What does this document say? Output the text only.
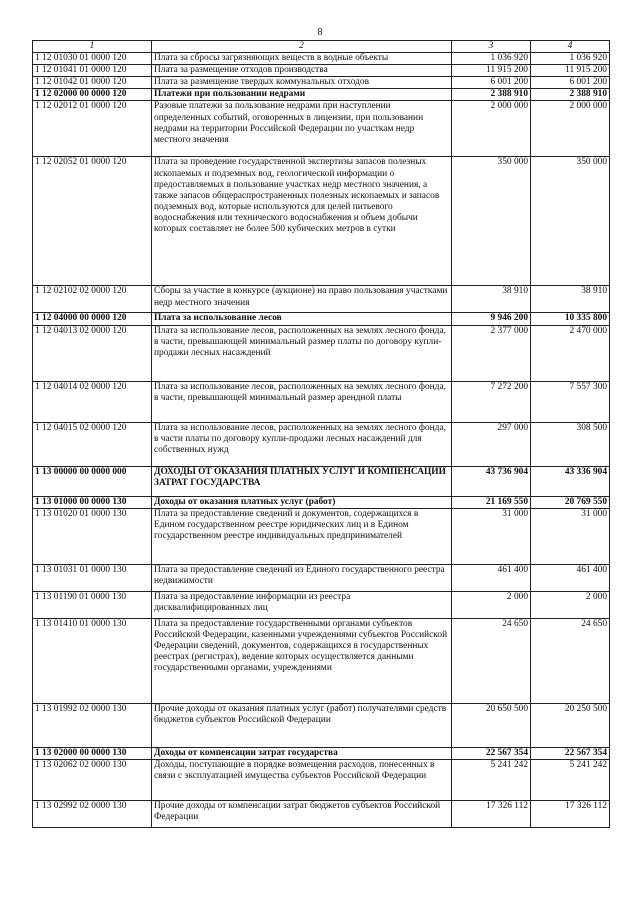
8
1	2	3	4
1 12 01030 01 0000 120	Плата за сбросы загрязняющих веществ в водные объекты	1 036 920	1 036 920
1 12 01041 01 0000 120	Плата за размещение отходов производства	11 915 200	11 915 200
1 12 01042 01 0000 120	Плата за размещение твердых коммунальных отходов	6 001 200	6 001 200
1 12 02000 00 0000 120	Платежи при пользовании недрами	2 388 910	2 388 910
1 12 02012 01 0000 120	Разовые платежи за пользование недрами при наступлении определенных событий, оговоренных в лицензии, при пользовании недрами на территории Российской Федерации по участкам недр местного значения	2 000 000	2 000 000
1 12 02052 01 0000 120	Плата за проведение государственной экспертизы запасов полезных ископаемых и подземных вод, геологической информации о предоставляемых в пользование участках недр местного значения, а также запасов общераспространенных полезных ископаемых и запасов подземных вод, которые используются для целей питьевого водоснабжения или технического водоснабжения и объем добычи которых составляет не более 500 кубических метров в сутки	350 000	350 000
1 12 02102 02 0000 120	Сборы за участие в конкурсе (аукционе) на право пользования участками недр местного значения	38 910	38 910
1 12 04000 00 0000 120	Плата за использование лесов	9 946 200	10 335 800
1 12 04013 02 0000 120	Плата за использование лесов, расположенных на землях лесного фонда, в части, превышающей минимальный размер платы по договору купли-продажи лесных насаждений	2 377 000	2 470 000
1 12 04014 02 0000 120	Плата за использование лесов, расположенных на землях лесного фонда, в части, превышающей минимальный размер арендной платы	7 272 200	7 557 300
1 12 04015 02 0000 120	Плата за использование лесов, расположенных на землях лесного фонда, в части платы по договору купли-продажи лесных насаждений для собственных нужд	297 000	308 500
1 13 00000 00 0000 000	ДОХОДЫ ОТ ОКАЗАНИЯ ПЛАТНЫХ УСЛУГ И КОМПЕНСАЦИИ ЗАТРАТ ГОСУДАРСТВА	43 736 904	43 336 904
1 13 01000 00 0000 130	Доходы от оказания платных услуг (работ)	21 169 550	20 769 550
1 13 01020 01 0000 130	Плата за предоставление сведений и документов, содержащихся в Едином государственном реестре юридических лиц и в Едином государственном реестре индивидуальных предпринимателей	31 000	31 000
1 13 01031 01 0000 130	Плата за предоставление сведений из Единого государственного реестра недвижимости	461 400	461 400
1 13 01190 01 0000 130	Плата за предоставление информации из реестра дисквалифицированных лиц	2 000	2 000
1 13 01410 01 0000 130	Плата за предоставление государственными органами субъектов Российской Федерации, казенными учреждениями субъектов Российской Федерации сведений, документов, содержащихся в государственных реестрах (регистрах), ведение которых осуществляется данными государственными органами, учреждениями	24 650	24 650
1 13 01992 02 0000 130	Прочие доходы от оказания платных услуг (работ) получателями средств бюджетов субъектов Российской Федерации	20 650 500	20 250 500
1 13 02000 00 0000 130	Доходы от компенсации затрат государства	22 567 354	22 567 354
1 13 02062 02 0000 130	Доходы, поступающие в порядке возмещения расходов, понесенных в связи с эксплуатацией имущества субъектов Российской Федерации	5 241 242	5 241 242
1 13 02992 02 0000 130	Прочие доходы от компенсации затрат бюджетов субъектов Российской Федерации	17 326 112	17 326 112
